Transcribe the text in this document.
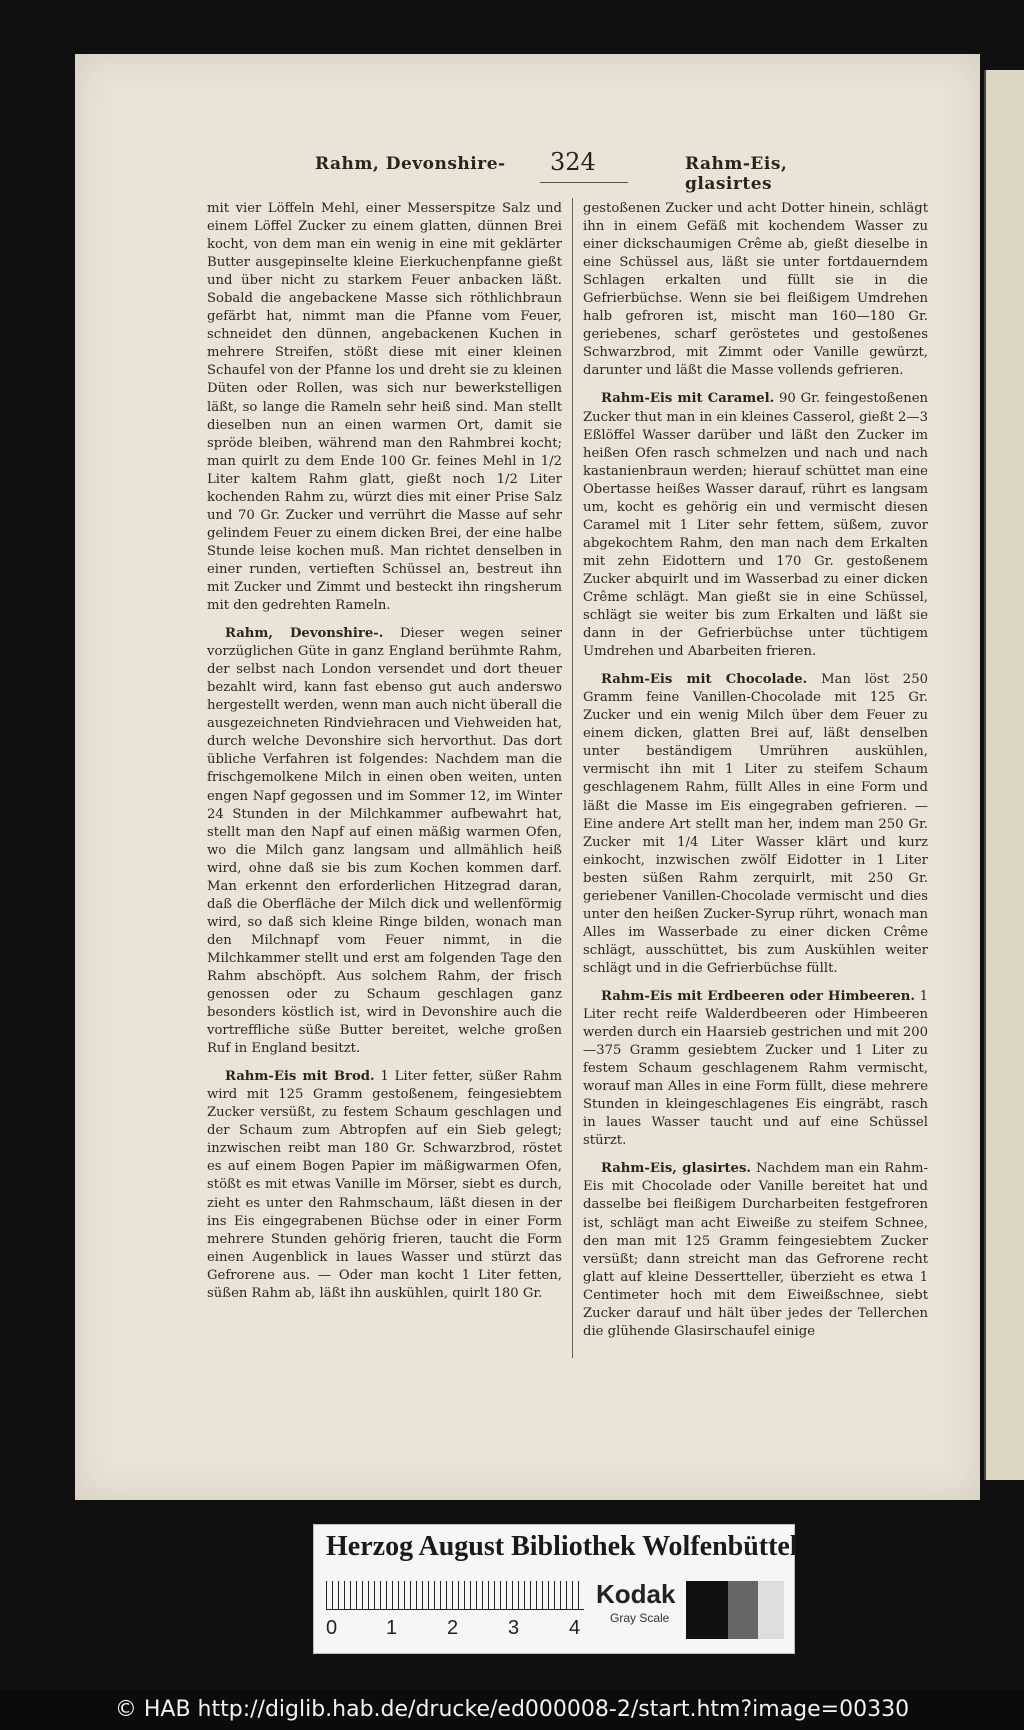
Rahm, Devonshire- 324	Rahm-Eis, glasirtes

mit vier Löffeln Mehl, einer Messerspitze Salz und einem Löffel Zucker zu einem glatten, dünnen Brei kocht, von dem man ein wenig in eine mit geklärter Butter ausgepinselte kleine Eierkuchenpfanne gießt und über nicht zu starkem Feuer anbacken läßt. Sobald die angebackene Masse sich röthlichbraun gefärbt hat, nimmt man die Pfanne vom Feuer, schneidet den dünnen, angebackenen Kuchen in mehrere Streifen, stößt diese mit einer kleinen Schaufel von der Pfanne los und dreht sie zu kleinen Düten oder Rollen, was sich nur bewerkstelligen läßt, so lange die Rameln sehr heiß sind. Man stellt dieselben nun an einen warmen Ort, damit sie spröde bleiben, während man den Rahmbrei kocht; man quirlt zu dem Ende 100 Gr. feines Mehl in 1/2 Liter kaltem Rahm glatt, gießt noch 1/2 Liter kochenden Rahm zu, würzt dies mit einer Prise Salz und 70 Gr. Zucker und verrührt die Masse auf sehr gelindem Feuer zu einem dicken Brei, der eine halbe Stunde leise kochen muß. Man richtet denselben in einer runden, vertieften Schüssel an, bestreut ihn mit Zucker und Zimmt und besteckt ihn ringsherum mit den gedrehten Rameln.

Rahm, Devonshire-. Dieser wegen seiner vorzüglichen Güte in ganz England berühmte Rahm, der selbst nach London versendet und dort theuer bezahlt wird, kann fast ebenso gut auch anderswo hergestellt werden, wenn man auch nicht überall die ausgezeichneten Rindviehracen und Viehweiden hat, durch welche Devonshire sich hervorthut. Das dort übliche Verfahren ist folgendes: Nachdem man die frischgemolkene Milch in einen oben weiten, unten engen Napf gegossen und im Sommer 12, im Winter 24 Stunden in der Milchkammer aufbewahrt hat, stellt man den Napf auf einen mäßig warmen Ofen, wo die Milch ganz langsam und allmählich heiß wird, ohne daß sie bis zum Kochen kommen darf. Man erkennt den erforderlichen Hitzegrad daran, daß die Oberfläche der Milch dick und wellenförmig wird, so daß sich kleine Ringe bilden, wonach man den Milchnapf vom Feuer nimmt, in die Milchkammer stellt und erst am folgenden Tage den Rahm abschöpft. Aus solchem Rahm, der frisch genossen oder zu Schaum geschlagen ganz besonders köstlich ist, wird in Devonshire auch die vortreffliche süße Butter bereitet, welche großen Ruf in England besitzt.

Rahm-Eis mit Brod. 1 Liter fetter, süßer Rahm wird mit 125 Gramm gestoßenem, feingesiebtem Zucker versüßt, zu festem Schaum geschlagen und der Schaum zum Abtropfen auf ein Sieb gelegt; inzwischen reibt man 180 Gr. Schwarzbrod, röstet es auf einem Bogen Papier im mäßigwarmen Ofen, stößt es mit etwas Vanille im Mörser, siebt es durch, zieht es unter den Rahmschaum, läßt diesen in der ins Eis eingegrabenen Büchse oder in einer Form mehrere Stunden gehörig frieren, taucht die Form einen Augenblick in laues Wasser und stürzt das Gefrorene aus. — Oder man kocht 1 Liter fetten, süßen Rahm ab, läßt ihn auskühlen, quirlt 180 Gr.

gestoßenen Zucker und acht Dotter hinein, schlägt ihn in einem Gefäß mit kochendem Wasser zu einer dickschaumigen Crême ab, gießt dieselbe in eine Schüssel aus, läßt sie unter fortdauerndem Schlagen erkalten und füllt sie in die Gefrierbüchse. Wenn sie bei fleißigem Umdrehen halb gefroren ist, mischt man 160—180 Gr. geriebenes, scharf geröstetes und gestoßenes Schwarzbrod, mit Zimmt oder Vanille gewürzt, darunter und läßt die Masse vollends gefrieren.

Rahm-Eis mit Caramel. 90 Gr. feingestoßenen Zucker thut man in ein kleines Casserol, gießt 2—3 Eßlöffel Wasser darüber und läßt den Zucker im heißen Ofen rasch schmelzen und nach und nach kastanienbraun werden; hierauf schüttet man eine Obertasse heißes Wasser darauf, rührt es langsam um, kocht es gehörig ein und vermischt diesen Caramel mit 1 Liter sehr fettem, süßem, zuvor abgekochtem Rahm, den man nach dem Erkalten mit zehn Eidottern und 170 Gr. gestoßenem Zucker abquirlt und im Wasserbad zu einer dicken Crême schlägt. Man gießt sie in eine Schüssel, schlägt sie weiter bis zum Erkalten und läßt sie dann in der Gefrierbüchse unter tüchtigem Umdrehen und Abarbeiten frieren.

Rahm-Eis mit Chocolade. Man löst 250 Gramm feine Vanillen-Chocolade mit 125 Gr. Zucker und ein wenig Milch über dem Feuer zu einem dicken, glatten Brei auf, läßt denselben unter beständigem Umrühren auskühlen, vermischt ihn mit 1 Liter zu steifem Schaum geschlagenem Rahm, füllt Alles in eine Form und läßt die Masse im Eis eingegraben gefrieren. — Eine andere Art stellt man her, indem man 250 Gr. Zucker mit 1/4 Liter Wasser klärt und kurz einkocht, inzwischen zwölf Eidotter in 1 Liter besten süßen Rahm zerquirlt, mit 250 Gr. geriebener Vanillen-Chocolade vermischt und dies unter den heißen Zucker-Syrup rührt, wonach man Alles im Wasserbade zu einer dicken Crême schlägt, ausschüttet, bis zum Auskühlen weiter schlägt und in die Gefrierbüchse füllt.

Rahm-Eis mit Erdbeeren oder Himbeeren. 1 Liter recht reife Walderdbeeren oder Himbeeren werden durch ein Haarsieb gestrichen und mit 200—375 Gramm gesiebtem Zucker und 1 Liter zu festem Schaum geschlagenem Rahm vermischt, worauf man Alles in eine Form füllt, diese mehrere Stunden in kleingeschlagenes Eis eingräbt, rasch in laues Wasser taucht und auf eine Schüssel stürzt.

Rahm-Eis, glasirtes. Nachdem man ein Rahm-Eis mit Chocolade oder Vanille bereitet hat und dasselbe bei fleißigem Durcharbeiten festgefroren ist, schlägt man acht Eiweiße zu steifem Schnee, den man mit 125 Gramm feingesiebtem Zucker versüßt; dann streicht man das Gefrorene recht glatt auf kleine Dessertteller, überzieht es etwa 1 Centimeter hoch mit dem Eiweißschnee, siebt Zucker darauf und hält über jedes der Tellerchen die glühende Glasirschaufel einige

Herzog August Bibliothek Wolfenbüttel
0 1 2 3 4
Kodak
Gray Scale
© HAB http://diglib.hab.de/drucke/ed000008-2/start.htm?image=00330
